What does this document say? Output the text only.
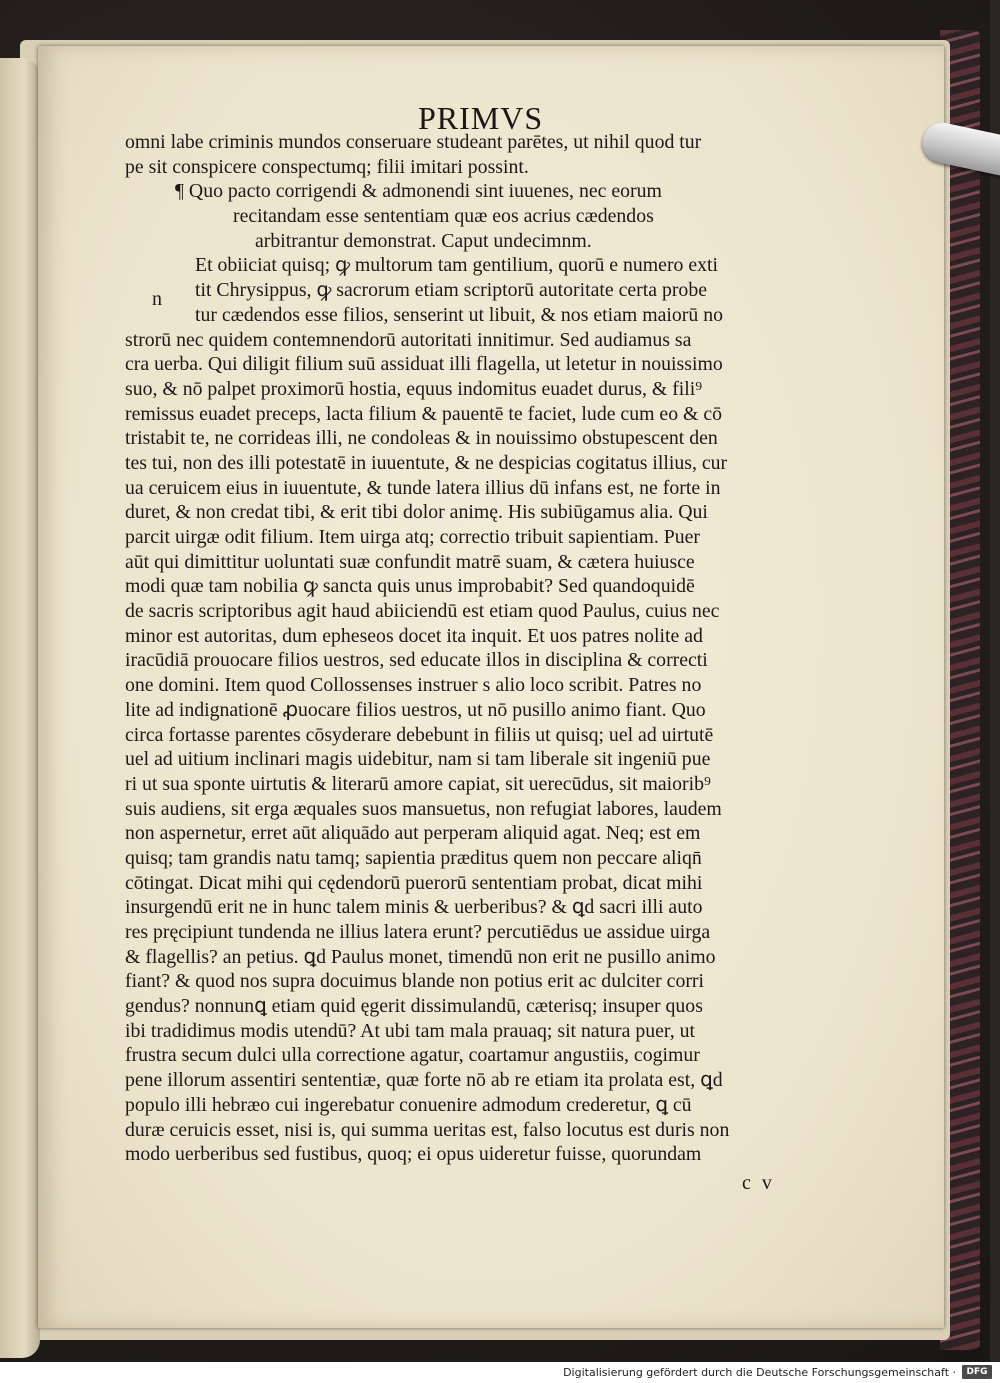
PRIMVS
omni labe criminis mundos conseruare studeant parētes, ut nihil quod tur
pe sit conspicere conspectumq; filii imitari possint.
¶ Quo pacto corrigendi & admonendi sint iuuenes, nec eorum
recitandam esse sententiam quæ eos acrius cædendos
arbitrantur demonstrat. Caput undecimnm.
Et obiiciat quisq; ꝙ multorum tam gentilium, quorū e numero exti
tit Chrysippus, ꝙ sacrorum etiam scriptorū autoritate certa probe
tur cædendos esse filios, senserint ut libuit, & nos etiam maiorū no
strorū nec quidem contemnendorū autoritati innitimur. Sed audiamus sa
cra uerba. Qui diligit filium suū assiduat illi flagella, ut letetur in nouissimo
suo, & nō palpet proximorū hostia, equus indomitus euadet durus, & fili⁹
remissus euadet preceps, lacta filium & pauentē te faciet, lude cum eo & cō
tristabit te, ne corrideas illi, ne condoleas & in nouissimo obstupescent den
tes tui, non des illi potestatē in iuuentute, & ne despicias cogitatus illius, cur
ua ceruicem eius in iuuentute, & tunde latera illius dū infans est, ne forte in
duret, & non credat tibi, & erit tibi dolor animę. His subiūgamus alia. Qui
parcit uirgæ odit filium. Item uirga atq; correctio tribuit sapientiam. Puer
aūt qui dimittitur uoluntati suæ confundit matrē suam, & cætera huiusce
modi quæ tam nobilia ꝙ sancta quis unus improbabit? Sed quandoquidē
de sacris scriptoribus agit haud abiiciendū est etiam quod Paulus, cuius nec
minor est autoritas, dum epheseos docet ita inquit. Et uos patres nolite ad
iracūdiā prouocare filios uestros, sed educate illos in disciplina & correcti
one domini. Item quod Collossenses instruer s alio loco scribit. Patres no
lite ad indignationē ꝓuocare filios uestros, ut nō pusillo animo fiant. Quo
circa fortasse parentes cōsyderare debebunt in filiis ut quisq; uel ad uirtutē
uel ad uitium inclinari magis uidebitur, nam si tam liberale sit ingeniū pue
ri ut sua sponte uirtutis & literarū amore capiat, sit uerecūdus, sit maiorib⁹
suis audiens, sit erga æquales suos mansuetus, non refugiat labores, laudem
non aspernetur, erret aūt aliquādo aut perperam aliquid agat. Neq; est em
quisq; tam grandis natu tamq; sapientia præditus quem non peccare aliqn̄
cōtingat. Dicat mihi qui cędendorū puerorū sententiam probat, dicat mihi
insurgendū erit ne in hunc talem minis & uerberibus? & ꝗd sacri illi auto
res pręcipiunt tundenda ne illius latera erunt? percutiēdus ue assidue uirga
& flagellis? an petius. ꝗd Paulus monet, timendū non erit ne pusillo animo
fiant? & quod nos supra docuimus blande non potius erit ac dulciter corri
gendus? nonnunꝗ etiam quid ęgerit dissimulandū, cæterisq; insuper quos
ibi tradidimus modis utendū? At ubi tam mala prauaq; sit natura puer, ut
frustra secum dulci ulla correctione agatur, coartamur angustiis, cogimur
pene illorum assentiri sententiæ, quæ forte nō ab re etiam ita prolata est, ꝗd
populo illi hebræo cui ingerebatur conuenire admodum crederetur, ꝗ cū
duræ ceruicis esset, nisi is, qui summa ueritas est, falso locutus est duris non
modo uerberibus sed fustibus, quoq; ei opus uideretur fuisse, quorundam
n
c v
Digitalisierung gefördert durch die Deutsche Forschungsgemeinschaft ·	DFG
